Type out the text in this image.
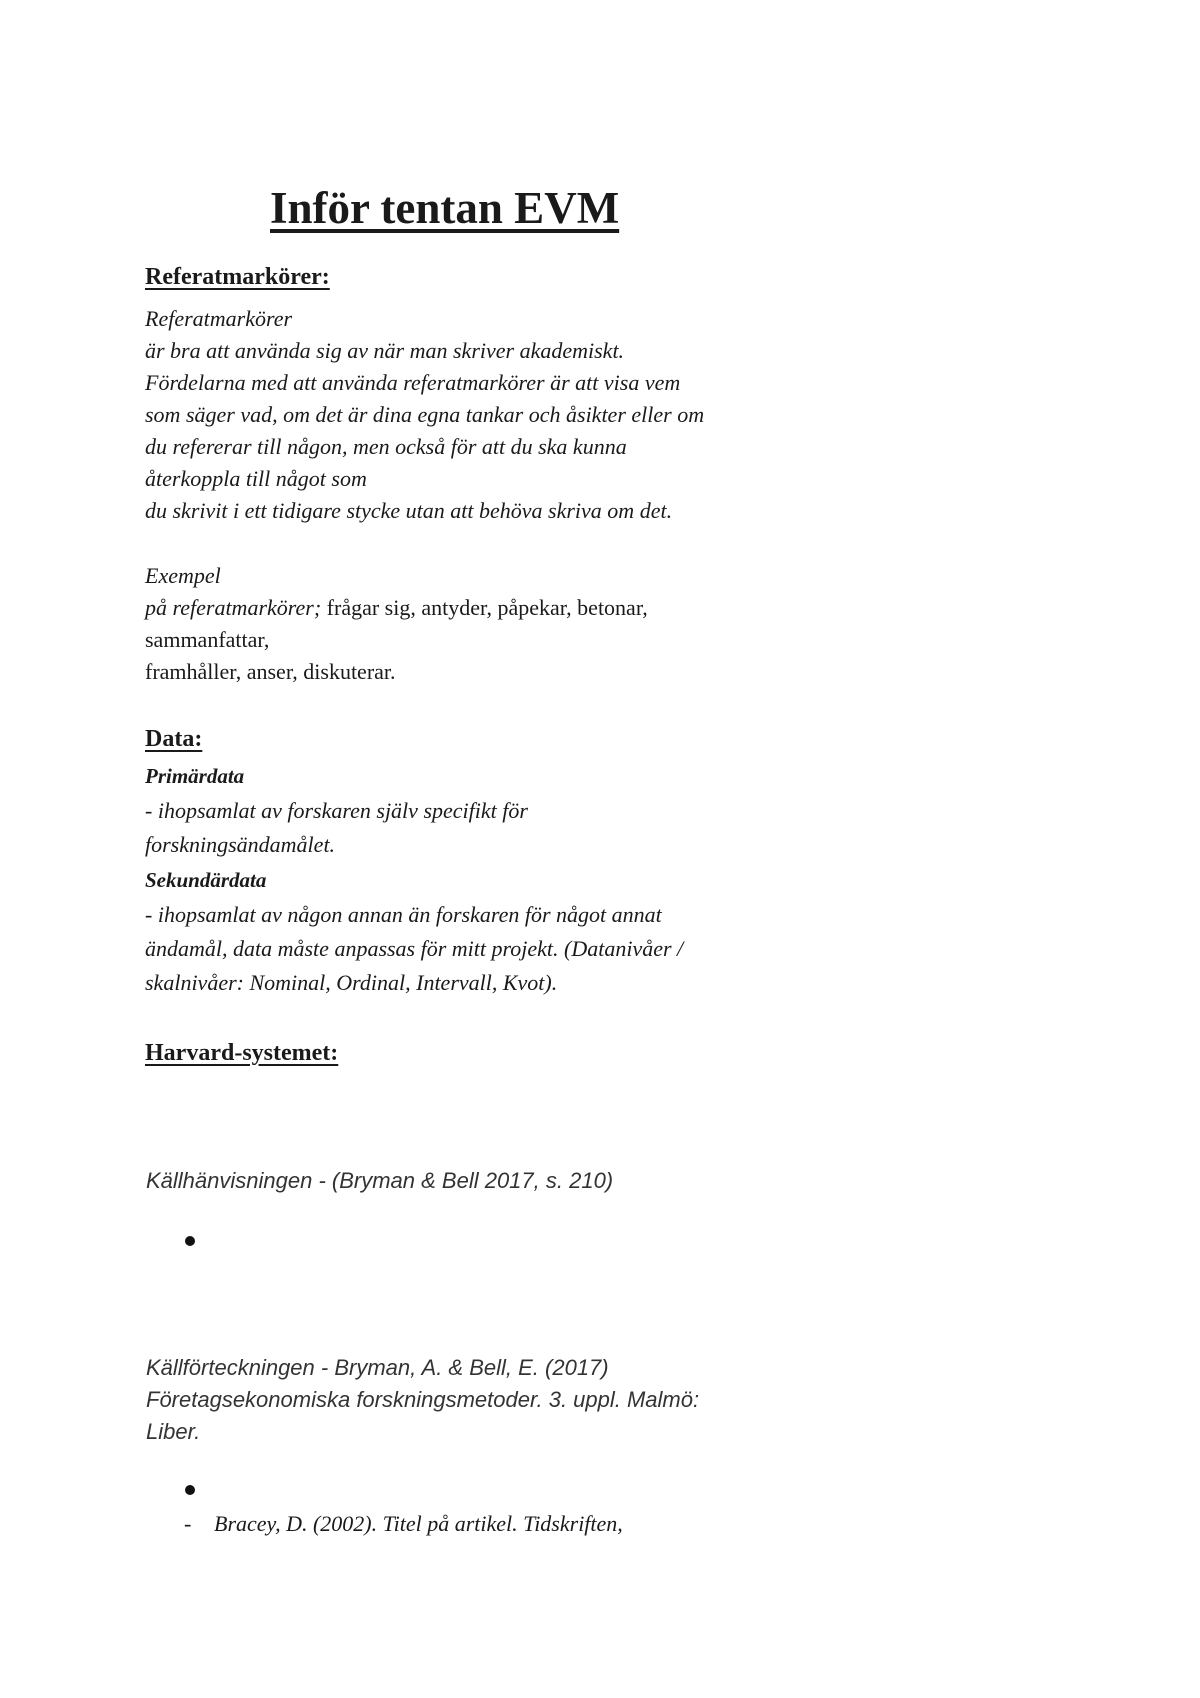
Inför tentan EVM
Referatmarkörer:
Referatmarkörer
är bra att använda sig av när man skriver akademiskt.
Fördelarna med att använda referatmarkörer är att visa vem
som säger vad, om det är dina egna tankar och åsikter eller om
du refererar till någon, men också för att du ska kunna
återkoppla till något som
du skrivit i ett tidigare stycke utan att behöva skriva om det.
Exempel
på referatmarkörer; frågar sig, antyder, påpekar, betonar,
sammanfattar,
framhåller, anser, diskuterar.
Data:
Primärdata
- ihopsamlat av forskaren själv specifikt för
forskningsändamålet.
Sekundärdata
- ihopsamlat av någon annan än forskaren för något annat
ändamål, data måste anpassas för mitt projekt. (Datanivåer /
skalnivåer: Nominal, Ordinal, Intervall, Kvot).
Harvard-systemet:
Källhänvisningen - (Bryman & Bell 2017, s. 210)
Källförteckningen - Bryman, A. & Bell, E. (2017)
Företagsekonomiska forskningsmetoder. 3. uppl. Malmö:
Liber.
- Bracey, D. (2002). Titel på artikel. Tidskriften,
